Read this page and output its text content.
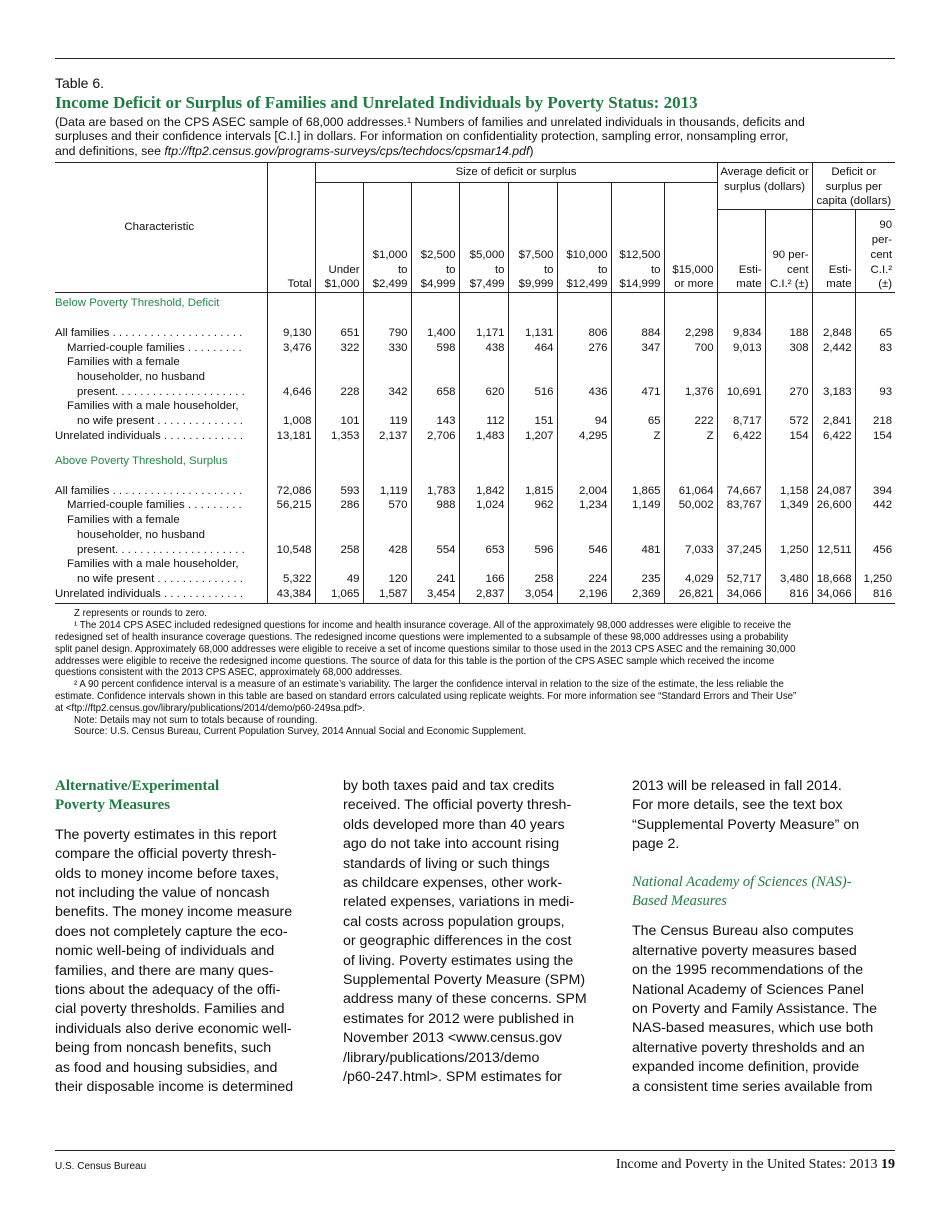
Table 6.
Income Deficit or Surplus of Families and Unrelated Individuals by Poverty Status: 2013
(Data are based on the CPS ASEC sample of 68,000 addresses.¹ Numbers of families and unrelated individuals in thousands, deficits and
surpluses and their confidence intervals [C.I.] in dollars. For information on confidentiality protection, sampling error, nonsampling error,
and definitions, see ftp://ftp2.census.gov/programs-surveys/cps/techdocs/cpsmar14.pdf)
Characteristic	Total	Size of deficit or surplus								Average deficit or surplus (dollars)		Deficit or surplus per capita (dollars)	
		Under $1,000	$1,000 to $2,499	$2,500 to $4,999	$5,000 to $7,499	$7,500 to $9,999	$10,000 to $12,499	$12,500 to $14,999	$15,000 or more				
										Esti- mate	90 per- cent C.I.² (±)	Esti- mate	90 per- cent C.I.² (±)
Below Poverty Threshold, Deficit													

All families . . . . . . . . . . . . . . . . . . . . .	9,130	651	790	1,400	1,171	1,131	806	884	2,298	9,834	188	2,848	65

Married-couple families . . . . . . . . .	3,476	322	330	598	438	464	276	347	700	9,013	308	2,442	83

Families with a female
householder, no husband
present. . . . . . . . . . . . . . . . . . . . .	4,646	228	342	658	620	516	436	471	1,376	10,691	270	3,183	93

Families with a male householder,
no wife present . . . . . . . . . . . . . .	1,008	101	119	143	112	151	94	65	222	8,717	572	2,841	218

Unrelated individuals . . . . . . . . . . . . .	13,181	1,353	2,137	2,706	1,483	1,207	4,295	Z	Z	6,422	154	6,422	154
Above Poverty Threshold, Surplus													

All families . . . . . . . . . . . . . . . . . . . . .	72,086	593	1,119	1,783	1,842	1,815	2,004	1,865	61,064	74,667	1,158	24,087	394

Married-couple families . . . . . . . . .	56,215	286	570	988	1,024	962	1,234	1,149	50,002	83,767	1,349	26,600	442

Families with a female
householder, no husband
present. . . . . . . . . . . . . . . . . . . . .	10,548	258	428	554	653	596	546	481	7,033	37,245	1,250	12,511	456

Families with a male householder,
no wife present . . . . . . . . . . . . . .	5,322	49	120	241	166	258	224	235	4,029	52,717	3,480	18,668	1,250

Unrelated individuals . . . . . . . . . . . . .	43,384	1,065	1,587	3,454	2,837	3,054	2,196	2,369	26,821	34,066	816	34,066	816
Z represents or rounds to zero.
¹ The 2014 CPS ASEC included redesigned questions for income and health insurance coverage. All of the approximately 98,000 addresses were eligible to receive the
redesigned set of health insurance coverage questions. The redesigned income questions were implemented to a subsample of these 98,000 addresses using a probability
split panel design. Approximately 68,000 addresses were eligible to receive a set of income questions similar to those used in the 2013 CPS ASEC and the remaining 30,000
addresses were eligible to receive the redesigned income questions. The source of data for this table is the portion of the CPS ASEC sample which received the income
questions consistent with the 2013 CPS ASEC, approximately 68,000 addresses.
² A 90 percent confidence interval is a measure of an estimate’s variability. The larger the confidence interval in relation to the size of the estimate, the less reliable the
estimate. Confidence intervals shown in this table are based on standard errors calculated using replicate weights. For more information see “Standard Errors and Their Use”
at <ftp://ftp2.census.gov/library/publications/2014/demo/p60-249sa.pdf>.
Note: Details may not sum to totals because of rounding.
Source: U.S. Census Bureau, Current Population Survey, 2014 Annual Social and Economic Supplement.
Alternative/Experimental
Poverty Measures
The poverty estimates in this report
compare the official poverty thresh-
olds to money income before taxes,
not including the value of noncash
benefits. The money income measure
does not completely capture the eco-
nomic well-being of individuals and
families, and there are many ques-
tions about the adequacy of the offi-
cial poverty thresholds. Families and
individuals also derive economic well-
being from noncash benefits, such
as food and housing subsidies, and
their disposable income is determined
by both taxes paid and tax credits
received. The official poverty thresh-
olds developed more than 40 years
ago do not take into account rising
standards of living or such things
as childcare expenses, other work-
related expenses, variations in medi-
cal costs across population groups,
or geographic differences in the cost
of living. Poverty estimates using the
Supplemental Poverty Measure (SPM)
address many of these concerns. SPM
estimates for 2012 were published in
November 2013 <www.census.gov
/library/publications/2013/demo
/p60-247.html>. SPM estimates for
2013 will be released in fall 2014.
For more details, see the text box
“Supplemental Poverty Measure” on
page 2.
National Academy of Sciences (NAS)-
Based Measures
The Census Bureau also computes
alternative poverty measures based
on the 1995 recommendations of the
National Academy of Sciences Panel
on Poverty and Family Assistance. The
NAS-based measures, which use both
alternative poverty thresholds and an
expanded income definition, provide
a consistent time series available from
U.S. Census Bureau	Income and Poverty in the United States: 2013 19
